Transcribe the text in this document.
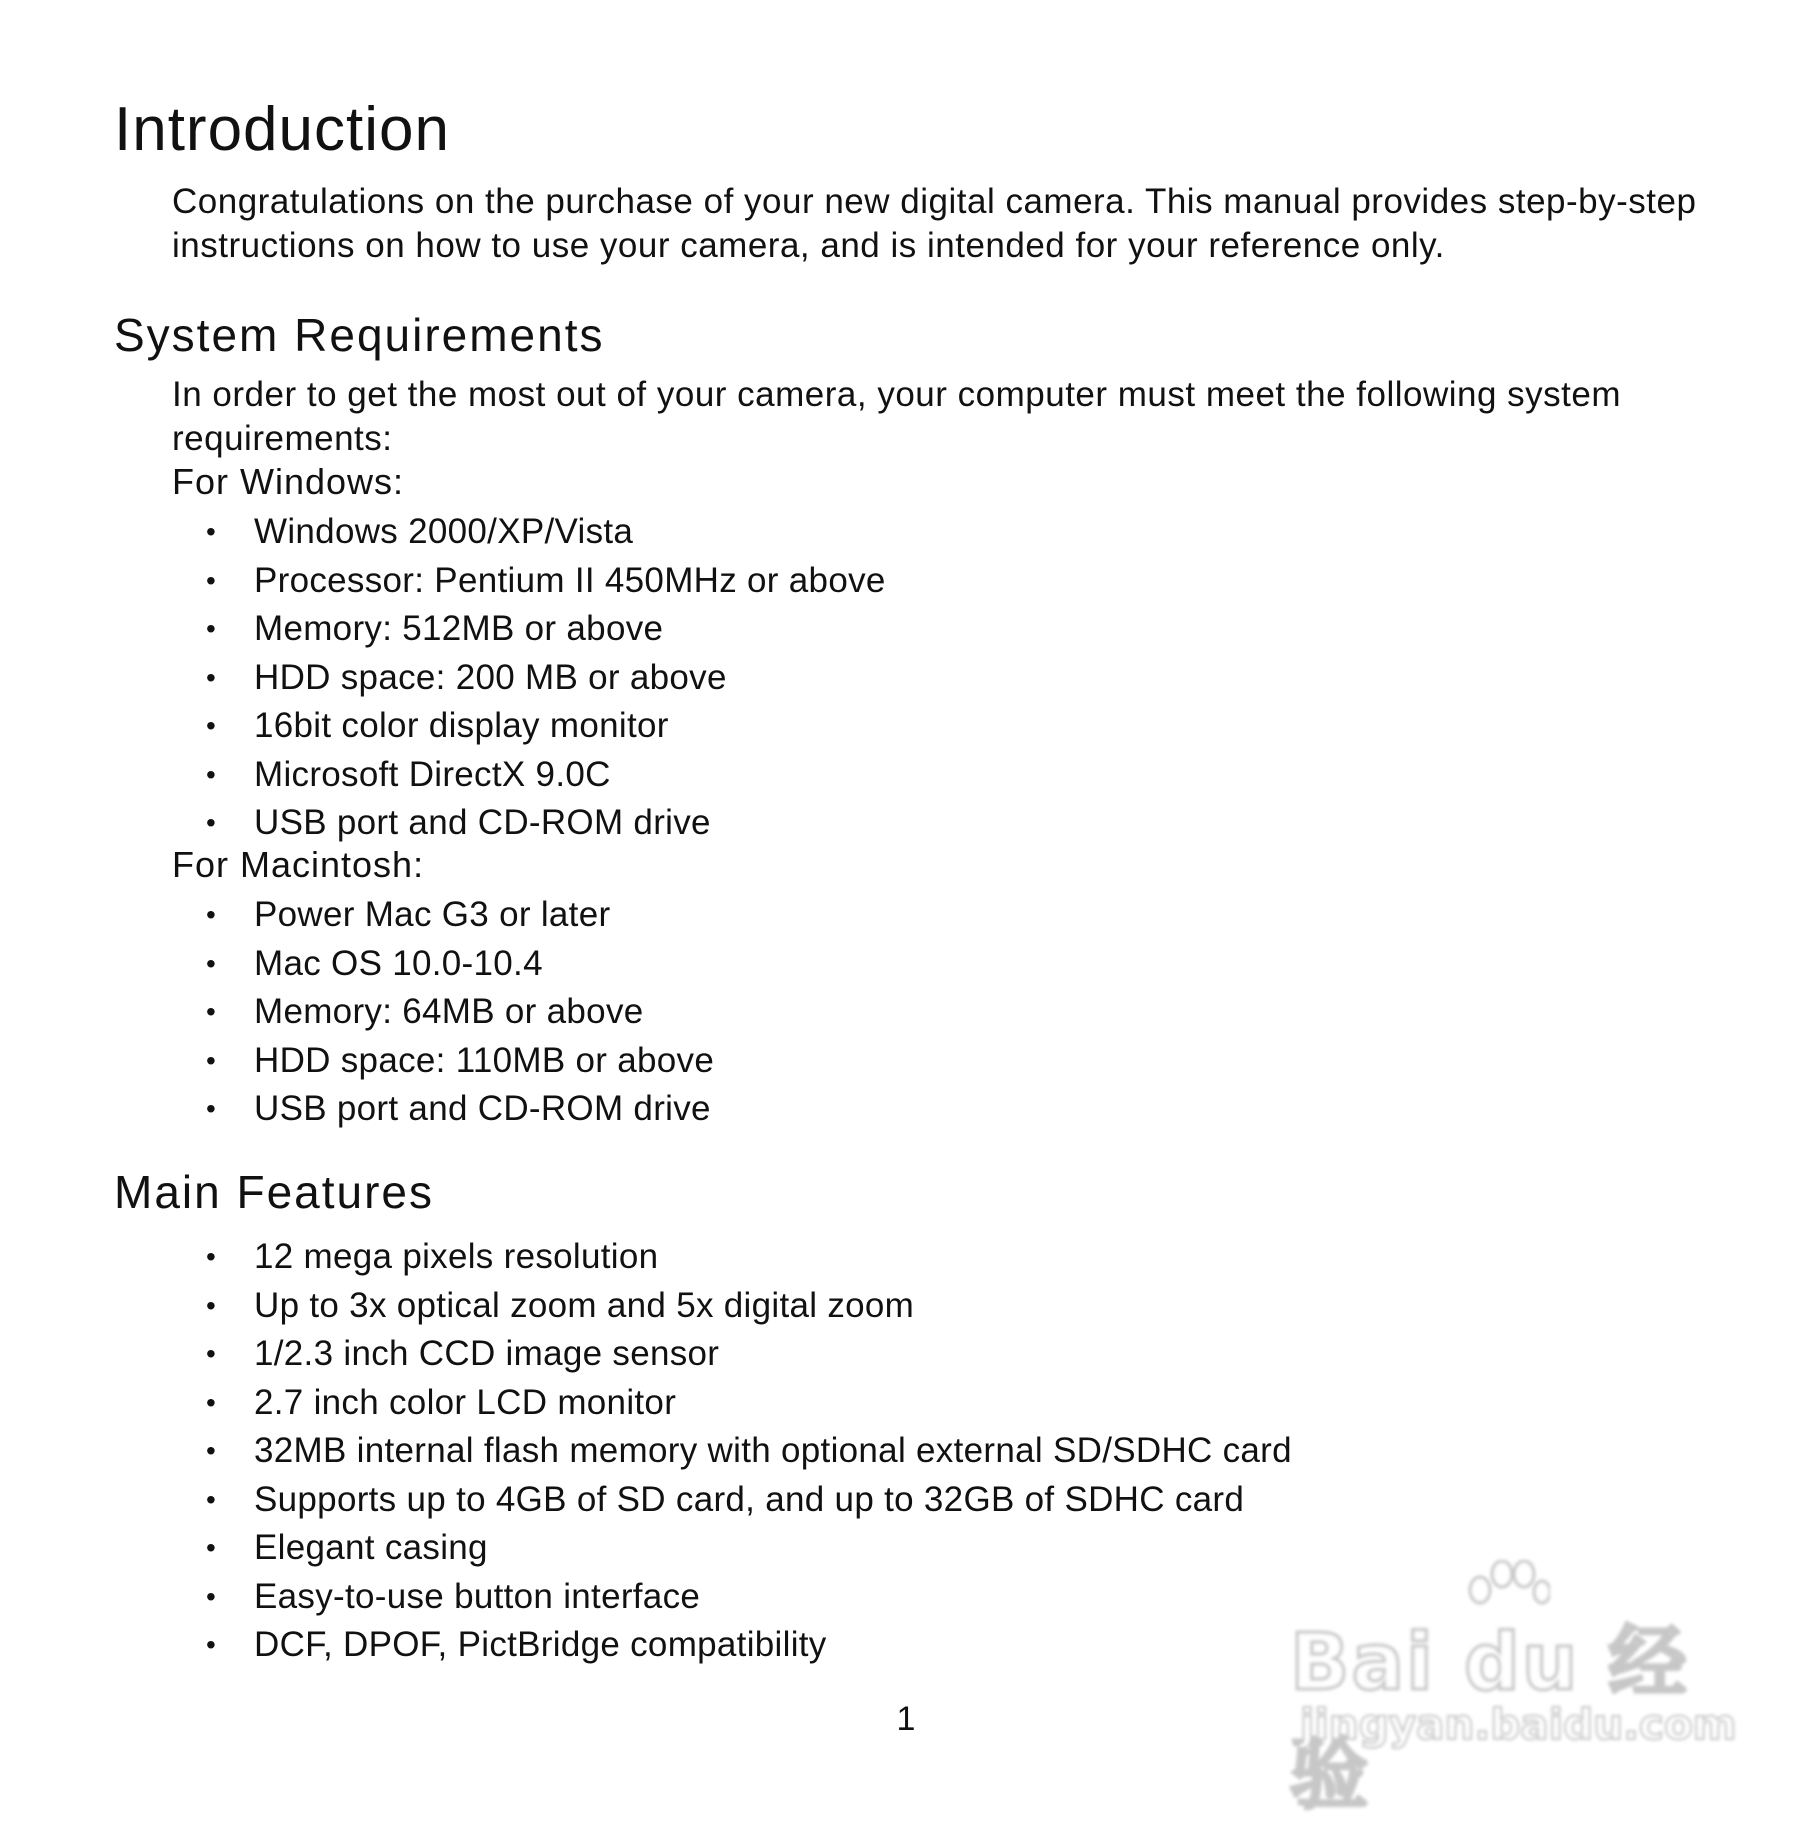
Introduction

Congratulations on the purchase of your new digital camera. This manual provides step-by-step
instructions on how to use your camera, and is intended for your reference only.

System Requirements

In order to get the most out of your camera, your computer must meet the following system
requirements:

For Windows:
• Windows 2000/XP/Vista
• Processor: Pentium II 450MHz or above
• Memory: 512MB or above
• HDD space: 200 MB or above
• 16bit color display monitor
• Microsoft DirectX 9.0C
• USB port and CD-ROM drive
For Macintosh:
• Power Mac G3 or later
• Mac OS 10.0-10.4
• Memory: 64MB or above
• HDD space: 110MB or above
• USB port and CD-ROM drive
Main Features
• 12 mega pixels resolution
• Up to 3x optical zoom and 5x digital zoom
• 1/2.3 inch CCD image sensor
• 2.7 inch color LCD monitor
• 32MB internal flash memory with optional external SD/SDHC card
• Supports up to 4GB of SD card, and up to 32GB of SDHC card
• Elegant casing
• Easy-to-use button interface
• DCF, DPOF, PictBridge compatibility
1
Bai du 经验
jingyan.baidu.com
